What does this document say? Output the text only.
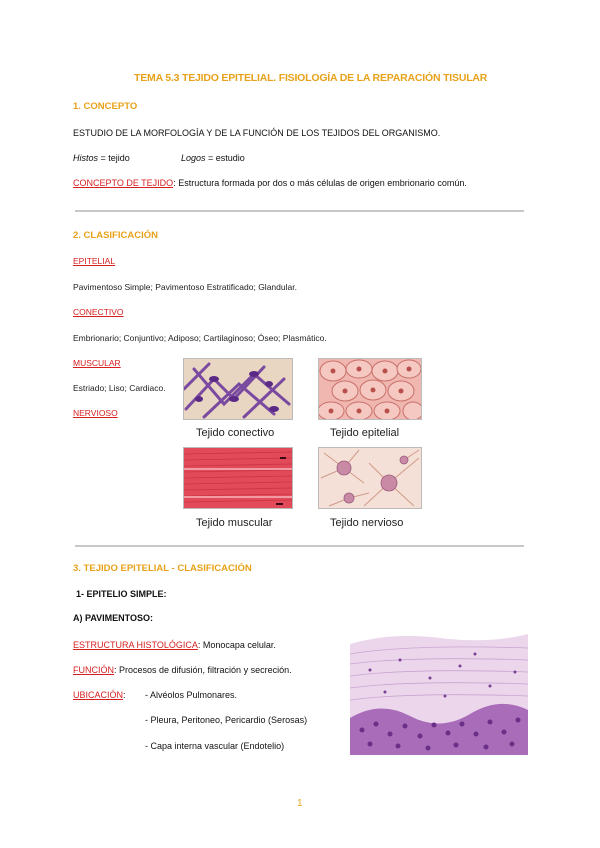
TEMA 5.3 TEJIDO EPITELIAL. FISIOLOGÍA DE LA REPARACIÓN TISULAR
1. CONCEPTO
ESTUDIO DE LA MORFOLOGÍA Y DE LA FUNCIÓN DE LOS TEJIDOS DEL ORGANISMO.
Histos = tejido	Logos = estudio
CONCEPTO DE TEJIDO: Estructura formada por dos o más células de origen embrionario común.
2. CLASIFICACIÓN
EPITELIAL
Pavimentoso Simple; Pavimentoso Estratificado; Glandular.
CONECTIVO
Embrionario; Conjuntivo; Adiposo; Cartilaginoso; Óseo; Plasmático.
MUSCULAR
Estriado; Liso; Cardiaco.
NERVIOSO
Tejido conectivo	Tejido epitelial
Tejido muscular	Tejido nervioso
3. TEJIDO EPITELIAL - CLASIFICACIÓN
1- EPITELIO SIMPLE:
A) PAVIMENTOSO:
ESTRUCTURA HISTOLÓGICA: Monocapa celular.
FUNCIÓN: Procesos de difusión, filtración y secreción.
UBICACIÓN: - Alvéolos Pulmonares.
- Pleura, Peritoneo, Pericardio (Serosas)
- Capa interna vascular (Endotelio)
1
